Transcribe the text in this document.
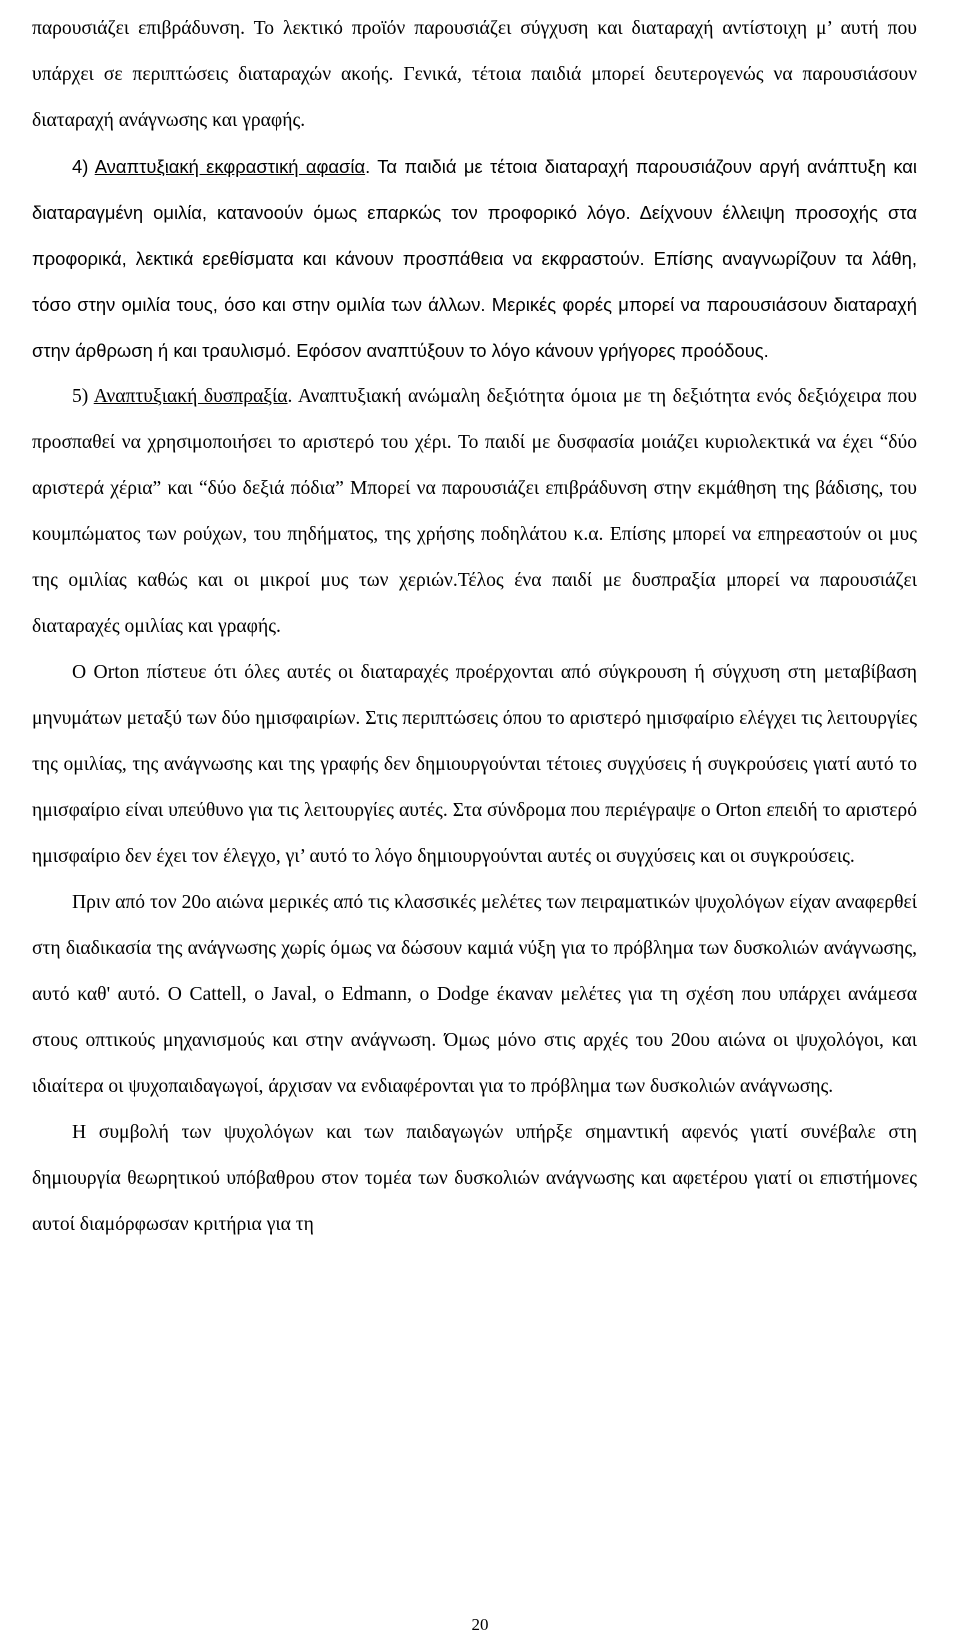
παρουσιάζει επιβράδυνση. Το λεκτικό προϊόν παρουσιάζει σύγχυση και διαταραχή αντίστοιχη μ’ αυτή που υπάρχει σε περιπτώσεις διαταραχών ακοής. Γενικά, τέτοια παιδιά μπορεί δευτερογενώς να παρουσιάσουν διαταραχή ανάγνωσης και γραφής.

4) Αναπτυξιακή εκφραστική αφασία. Τα παιδιά με τέτοια διαταραχή παρουσιάζουν αργή ανάπτυξη και διαταραγμένη ομιλία, κατανοούν όμως επαρκώς τον προφορικό λόγο. Δείχνουν έλλειψη προσοχής στα προφορικά, λεκτικά ερεθίσματα και κάνουν προσπάθεια να εκφραστούν. Επίσης αναγνωρίζουν τα λάθη, τόσο στην ομιλία τους, όσο και στην ομιλία των άλλων. Μερικές φορές μπορεί να παρουσιάσουν διαταραχή στην άρθρωση ή και τραυλισμό. Εφόσον αναπτύξουν το λόγο κάνουν γρήγορες προόδους.

5) Αναπτυξιακή δυσπραξία. Αναπτυξιακή ανώμαλη δεξιότητα όμοια με τη δεξιότητα ενός δεξιόχειρα που προσπαθεί να χρησιμοποιήσει το αριστερό του χέρι. Το παιδί με δυσφασία μοιάζει κυριολεκτικά να έχει “δύο αριστερά χέρια” και “δύο δεξιά πόδια” Μπορεί να παρουσιάζει επιβράδυνση στην εκμάθηση της βάδισης, του κουμπώματος των ρούχων, του πηδήματος, της χρήσης ποδηλάτου κ.α. Επίσης μπορεί να επηρεαστούν οι μυς της ομιλίας καθώς και οι μικροί μυς των χεριών.Τέλος ένα παιδί με δυσπραξία μπορεί να παρουσιάζει διαταραχές ομιλίας και γραφής.

Ο Orton πίστευε ότι όλες αυτές οι διαταραχές προέρχονται από σύγκρουση ή σύγχυση στη μεταβίβαση μηνυμάτων μεταξύ των δύο ημισφαιρίων. Στις περιπτώσεις όπου το αριστερό ημισφαίριο ελέγχει τις λειτουργίες της ομιλίας, της ανάγνωσης και της γραφής δεν δημιουργούνται τέτοιες συγχύσεις ή συγκρούσεις γιατί αυτό το ημισφαίριο είναι υπεύθυνο για τις λειτουργίες αυτές. Στα σύνδρομα που περιέγραψε ο Orton επειδή το αριστερό ημισφαίριο δεν έχει τον έλεγχο, γι’ αυτό το λόγο δημιουργούνται αυτές οι συγχύσεις και οι συγκρούσεις.

Πριν από τον 20ο αιώνα μερικές από τις κλασσικές μελέτες των πειραματικών ψυχολόγων είχαν αναφερθεί στη διαδικασία της ανάγνωσης χωρίς όμως να δώσουν καμιά νύξη για το πρόβλημα των δυσκολιών ανάγνωσης, αυτό καθ' αυτό. Ο Cattell, ο Javal, ο Edmann, ο Dodge έκαναν μελέτες για τη σχέση που υπάρχει ανάμεσα στους οπτικούς μηχανισμούς και στην ανάγνωση. Όμως μόνο στις αρχές του 20ου αιώνα οι ψυχολόγοι, και ιδιαίτερα οι ψυχοπαιδαγωγοί, άρχισαν να ενδιαφέρονται για το πρόβλημα των δυσκολιών ανάγνωσης.

Η συμβολή των ψυχολόγων και των παιδαγωγών υπήρξε σημαντική αφενός γιατί συνέβαλε στη δημιουργία θεωρητικού υπόβαθρου στον τομέα των δυσκολιών ανάγνωσης και αφετέρου γιατί οι επιστήμονες αυτοί διαμόρφωσαν κριτήρια για τη

20
